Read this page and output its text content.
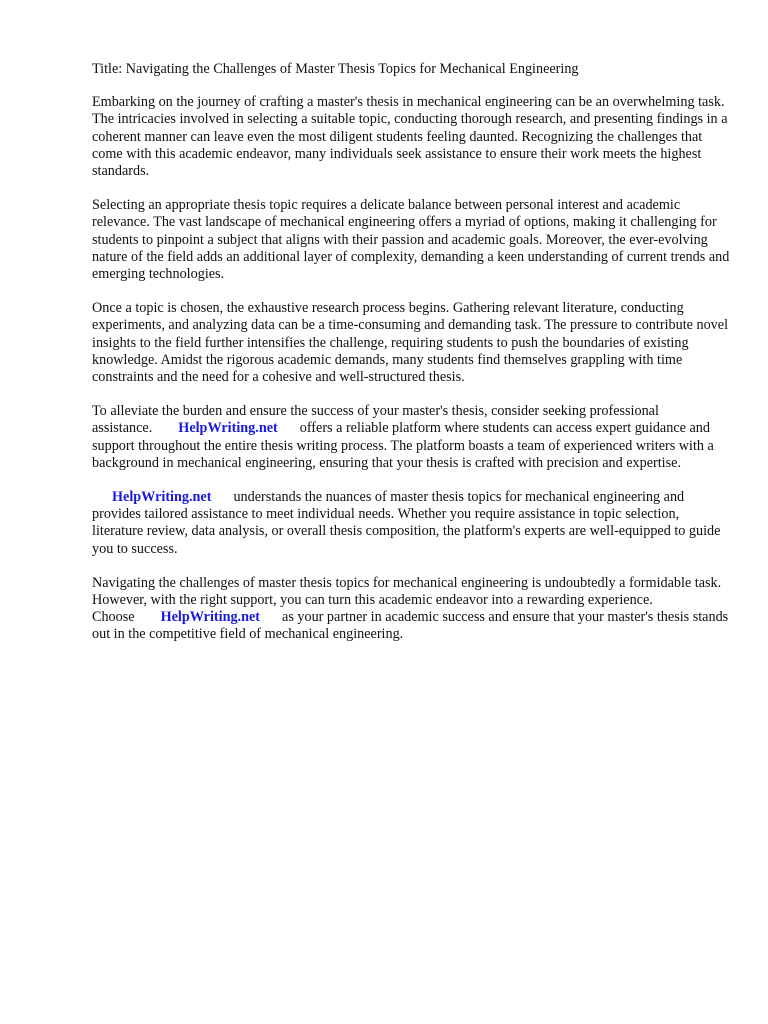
Title: Navigating the Challenges of Master Thesis Topics for Mechanical Engineering

Embarking on the journey of crafting a master's thesis in mechanical engineering can be an overwhelming task. The intricacies involved in selecting a suitable topic, conducting thorough research, and presenting findings in a coherent manner can leave even the most diligent students feeling daunted. Recognizing the challenges that come with this academic endeavor, many individuals seek assistance to ensure their work meets the highest standards.

Selecting an appropriate thesis topic requires a delicate balance between personal interest and academic relevance. The vast landscape of mechanical engineering offers a myriad of options, making it challenging for students to pinpoint a subject that aligns with their passion and academic goals. Moreover, the ever-evolving nature of the field adds an additional layer of complexity, demanding a keen understanding of current trends and emerging technologies.

Once a topic is chosen, the exhaustive research process begins. Gathering relevant literature, conducting experiments, and analyzing data can be a time-consuming and demanding task. The pressure to contribute novel insights to the field further intensifies the challenge, requiring students to push the boundaries of existing knowledge. Amidst the rigorous academic demands, many students find themselves grappling with time constraints and the need for a cohesive and well-structured thesis.

To alleviate the burden and ensure the success of your master's thesis, consider seeking professional assistance. HelpWriting.net offers a reliable platform where students can access expert guidance and support throughout the entire thesis writing process. The platform boasts a team of experienced writers with a background in mechanical engineering, ensuring that your thesis is crafted with precision and expertise.

HelpWriting.net understands the nuances of master thesis topics for mechanical engineering and provides tailored assistance to meet individual needs. Whether you require assistance in topic selection, literature review, data analysis, or overall thesis composition, the platform's experts are well-equipped to guide you to success.

Navigating the challenges of master thesis topics for mechanical engineering is undoubtedly a formidable task. However, with the right support, you can turn this academic endeavor into a rewarding experience. Choose HelpWriting.net as your partner in academic success and ensure that your master's thesis stands out in the competitive field of mechanical engineering.
